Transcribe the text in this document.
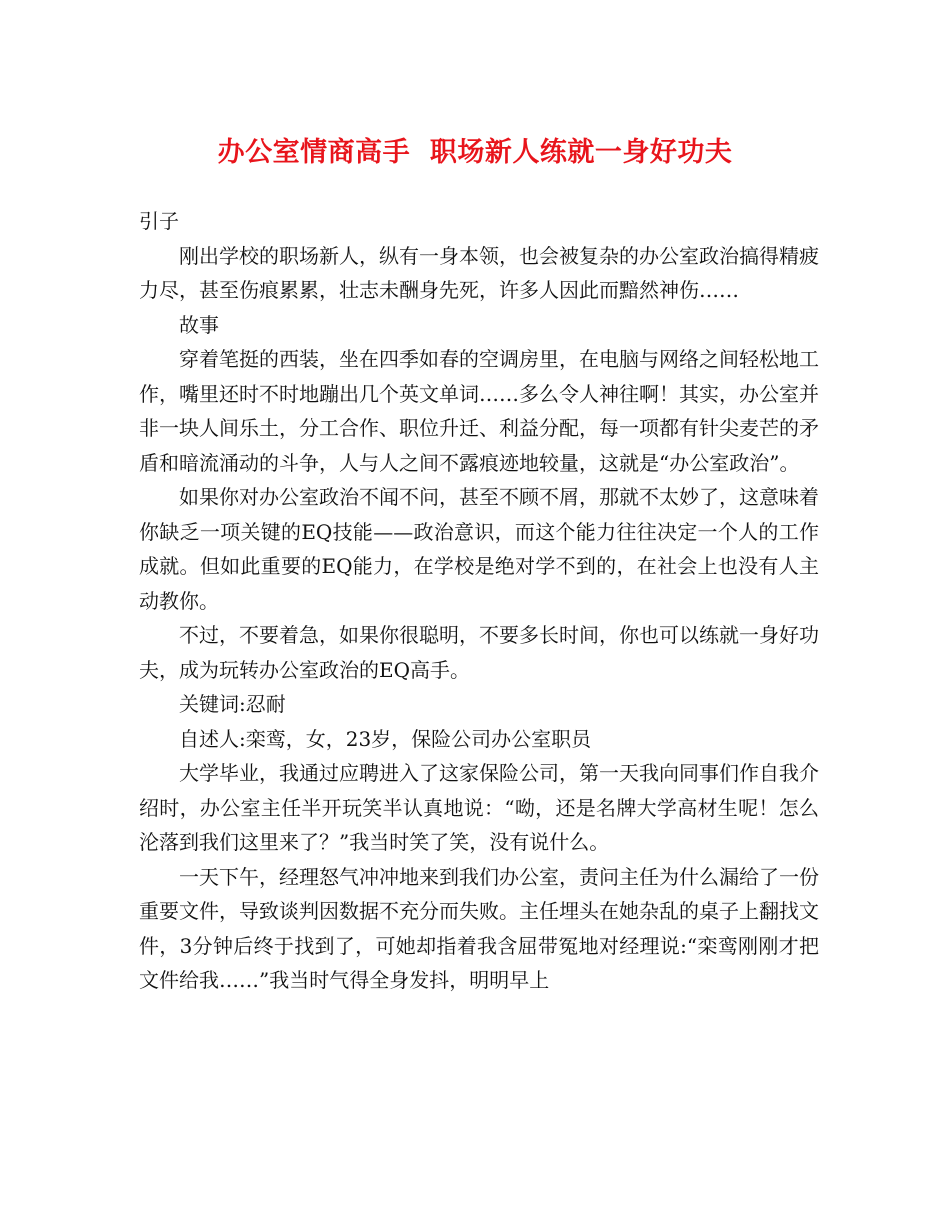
办公室情商高手  职场新人练就一身好功夫

引子

刚出学校的职场新人，纵有一身本领，也会被复杂的办公室政治搞得精疲力尽，甚至伤痕累累，壮志未酬身先死，许多人因此而黯然神伤……

故事

穿着笔挺的西装，坐在四季如春的空调房里，在电脑与网络之间轻松地工作，嘴里还时不时地蹦出几个英文单词……多么令人神往啊！其实，办公室并非一块人间乐土，分工合作、职位升迁、利益分配，每一项都有针尖麦芒的矛盾和暗流涌动的斗争，人与人之间不露痕迹地较量，这就是“办公室政治”。

如果你对办公室政治不闻不问，甚至不顾不屑，那就不太妙了，这意味着你缺乏一项关键的EQ技能——政治意识，而这个能力往往决定一个人的工作成就。但如此重要的EQ能力，在学校是绝对学不到的，在社会上也没有人主动教你。

不过，不要着急，如果你很聪明，不要多长时间，你也可以练就一身好功夫，成为玩转办公室政治的EQ高手。

关键词:忍耐

自述人:栾鸾，女，23岁，保险公司办公室职员

大学毕业，我通过应聘进入了这家保险公司，第一天我向同事们作自我介绍时，办公室主任半开玩笑半认真地说：“呦，还是名牌大学高材生呢！怎么沦落到我们这里来了？”我当时笑了笑，没有说什么。

一天下午，经理怒气冲冲地来到我们办公室，责问主任为什么漏给了一份重要文件，导致谈判因数据不充分而失败。主任埋头在她杂乱的桌子上翻找文件，3分钟后终于找到了，可她却指着我含屈带冤地对经理说:“栾鸾刚刚才把文件给我……”我当时气得全身发抖，明明早上
